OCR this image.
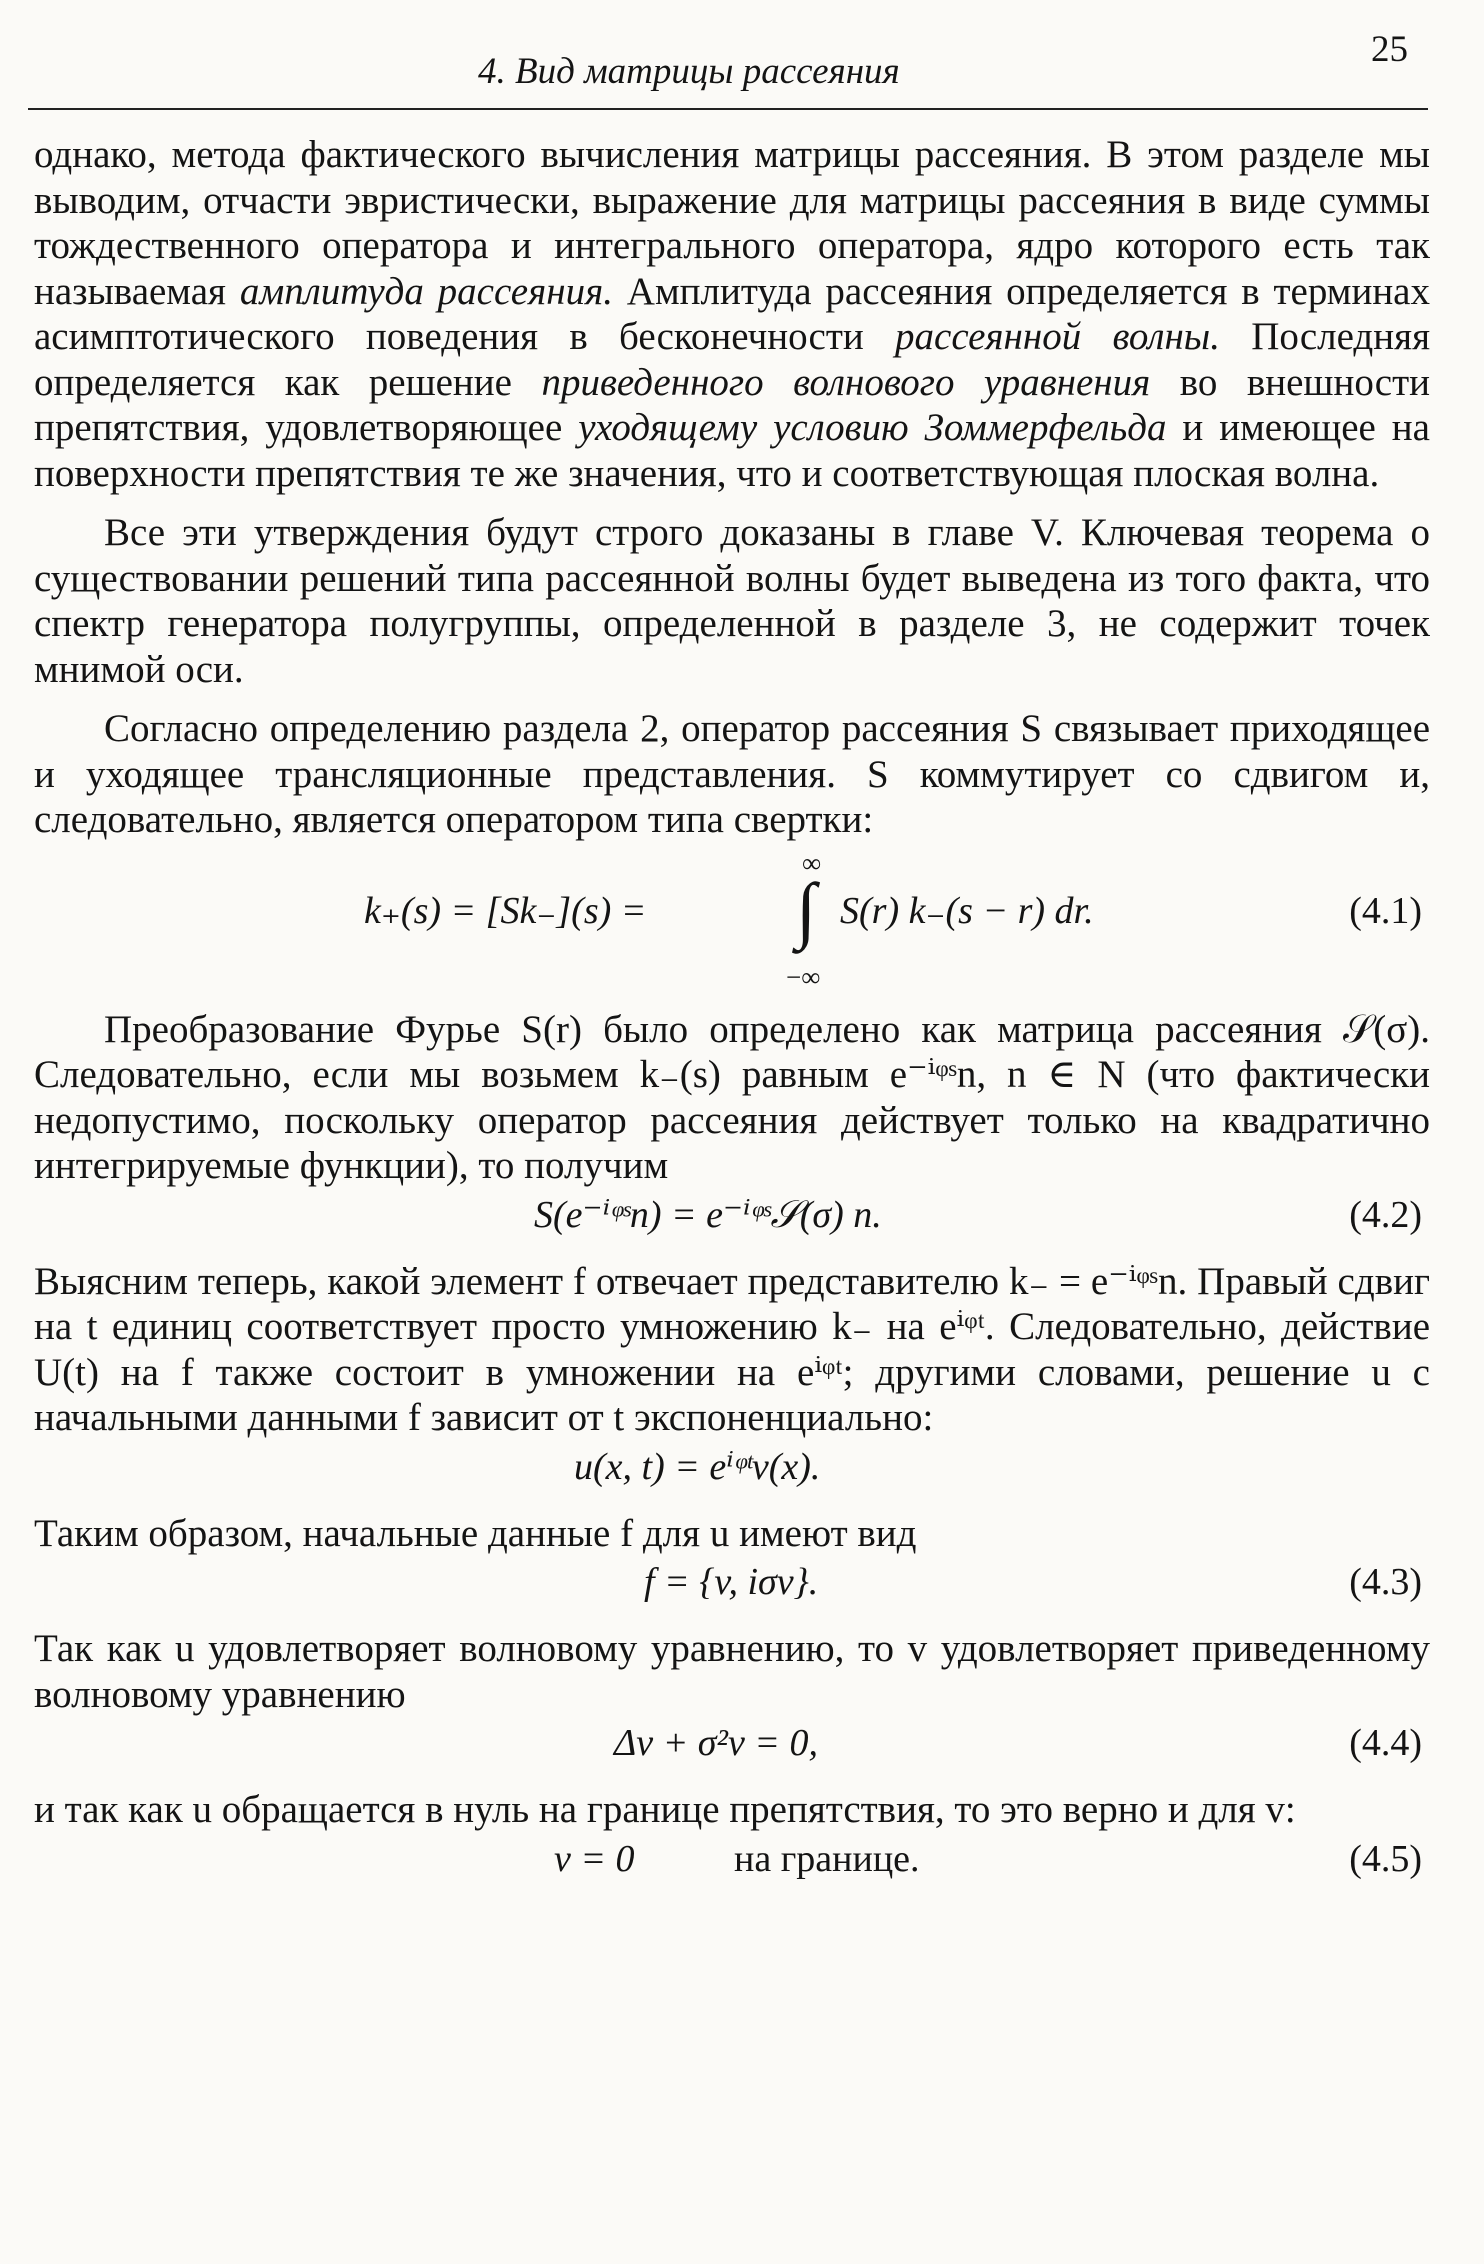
4. Вид матрицы рассеяния
25

однако, метода фактического вычисления матрицы рассеяния. В этом разделе мы выводим, отчасти эвристически, выражение для матрицы рассеяния в виде суммы тождественного оператора и интегрального оператора, ядро которого есть так называемая амплитуда рассеяния. Амплитуда рассеяния определяется в терминах асимптотического поведения в бесконечности рассеянной волны. Последняя определяется как решение приведенного волнового уравнения во внешности препятствия, удовлетворяющее уходящему условию Зоммерфельда и имеющее на поверхности препятствия те же значения, что и соответствующая плоская волна.

Все эти утверждения будут строго доказаны в главе V. Ключевая теорема о существовании решений типа рассеянной волны будет выведена из того факта, что спектр генератора полугруппы, определенной в разделе 3, не содержит точек мнимой оси.

Согласно определению раздела 2, оператор рассеяния S связывает приходящее и уходящее трансляционные представления. S коммутирует со сдвигом и, следовательно, является оператором типа свертки:

k₊(s) = [Sk₋](s) =
∞
∫
−∞
S(r) k₋(s − r) dr.	(4.1)

Преобразование Фурье S(r) было определено как матрица рассеяния 𝒮(σ). Следовательно, если мы возьмем k₋(s) равным e⁻ⁱᵠˢn, n ∈ N (что фактически недопустимо, поскольку оператор рассеяния действует только на квадратично интегрируемые функции), то получим

S(e⁻ⁱᵠˢn) = e⁻ⁱᵠˢ𝒮(σ) n.	(4.2)

Выясним теперь, какой элемент f отвечает представителю k₋ = e⁻ⁱᵠˢn. Правый сдвиг на t единиц соответствует просто умножению k₋ на eⁱᵠᵗ. Следовательно, действие U(t) на f также состоит в умножении на eⁱᵠᵗ; другими словами, решение u с начальными данными f зависит от t экспоненциально:

u(x, t) = eⁱᵠᵗv(x).

Таким образом, начальные данные f для u имеют вид

f = {v, iσv}.	(4.3)

Так как u удовлетворяет волновому уравнению, то v удовлетворяет приведенному волновому уравнению

Δv + σ²v = 0,	(4.4)

и так как u обращается в нуль на границе препятствия, то это верно и для v:

v = 0	на границе.	(4.5)
